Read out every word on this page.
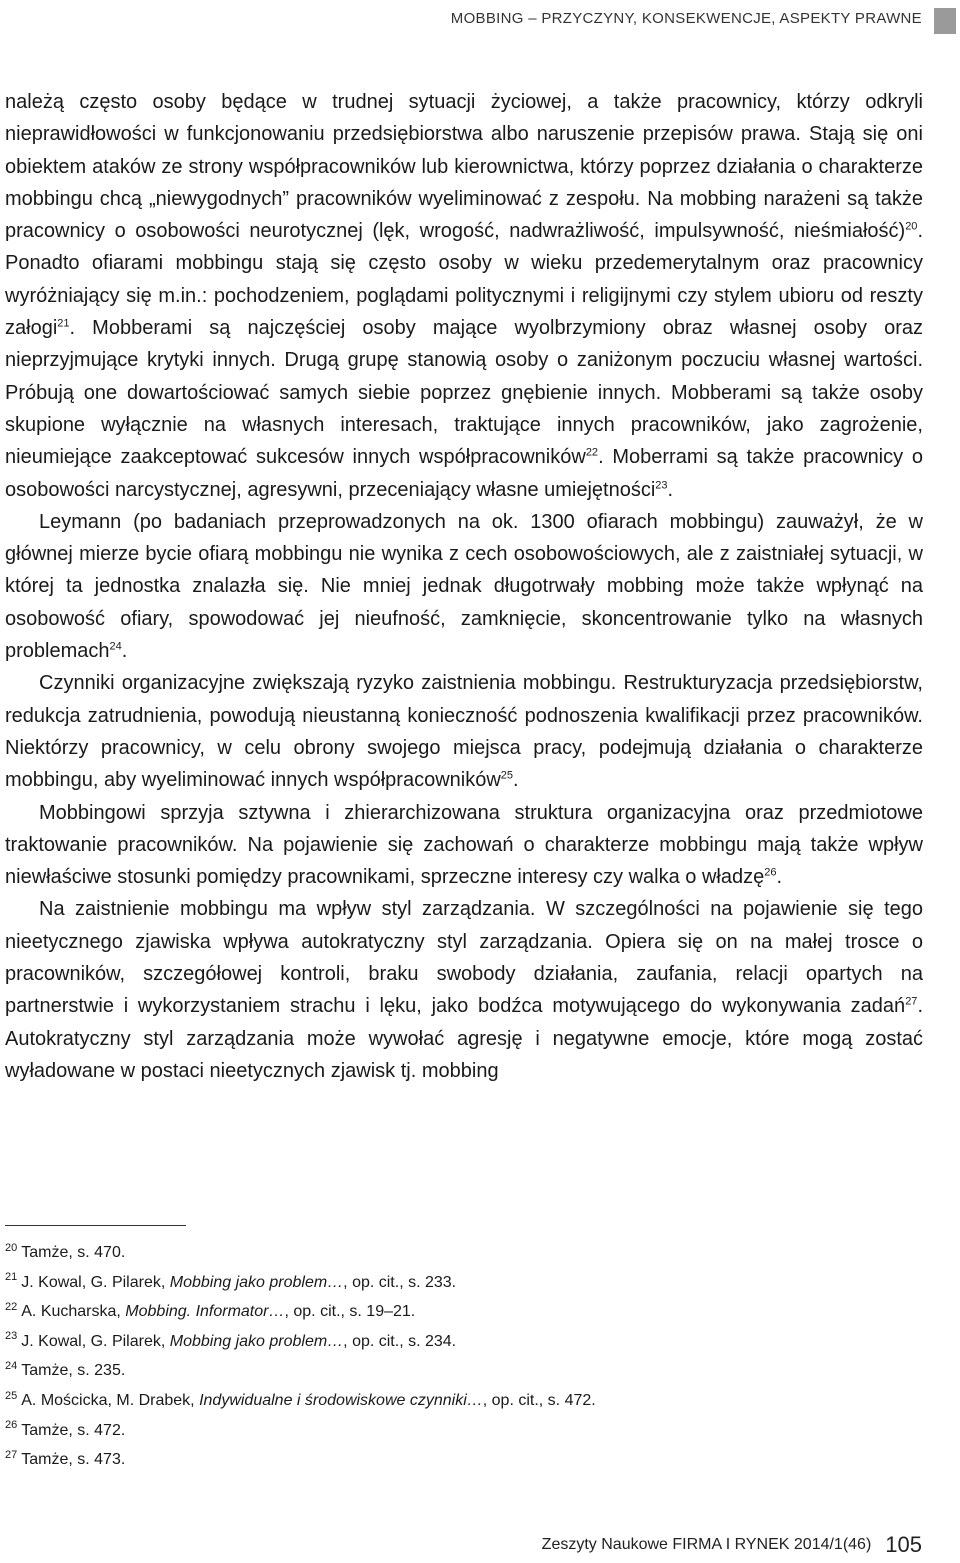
MOBBING – PRZYCZYNY, KONSEKWENCJE, ASPEKTY PRAWNE

należą często osoby będące w trudnej sytuacji życiowej, a także pracownicy, którzy odkryli nieprawidłowości w funkcjonowaniu przedsiębiorstwa albo naruszenie przepisów prawa. Stają się oni obiektem ataków ze strony współpracowników lub kierownictwa, którzy poprzez działania o charakterze mobbingu chcą „niewygodnych” pracowników wyeliminować z zespołu. Na mobbing narażeni są także pracownicy o osobowości neurotycznej (lęk, wrogość, nadwrażliwość, impulsywność, nieśmiałość)$^{20}$. Ponadto ofiarami mobbingu stają się często osoby w wieku przedemerytalnym oraz pracownicy wyróżniający się m.in.: pochodzeniem, poglądami politycznymi i religijnymi czy stylem ubioru od reszty załogi$^{21}$. Mobberami są najczęściej osoby mające wyolbrzymiony obraz własnej osoby oraz nieprzyjmujące krytyki innych. Drugą grupę stanowią osoby o zaniżonym poczuciu własnej wartości. Próbują one dowartościować samych siebie poprzez gnębienie innych. Mobberami są także osoby skupione wyłącznie na własnych interesach, traktujące innych pracowników, jako zagrożenie, nieumiejące zaakceptować sukcesów innych współpracowników$^{22}$. Moberrami są także pracownicy o osobowości narcystycznej, agresywni, przeceniający własne umiejętności$^{23}$.

Leymann (po badaniach przeprowadzonych na ok. 1300 ofiarach mobbingu) zauważył, że w głównej mierze bycie ofiarą mobbingu nie wynika z cech osobowościowych, ale z zaistniałej sytuacji, w której ta jednostka znalazła się. Nie mniej jednak długotrwały mobbing może także wpłynąć na osobowość ofiary, spowodować jej nieufność, zamknięcie, skoncentrowanie tylko na własnych problemach$^{24}$.

Czynniki organizacyjne zwiększają ryzyko zaistnienia mobbingu. Restrukturyzacja przedsiębiorstw, redukcja zatrudnienia, powodują nieustanną konieczność podnoszenia kwalifikacji przez pracowników. Niektórzy pracownicy, w celu obrony swojego miejsca pracy, podejmują działania o charakterze mobbingu, aby wyeliminować innych współpracowników$^{25}$.

Mobbingowi sprzyja sztywna i zhierarchizowana struktura organizacyjna oraz przedmiotowe traktowanie pracowników. Na pojawienie się zachowań o charakterze mobbingu mają także wpływ niewłaściwe stosunki pomiędzy pracownikami, sprzeczne interesy czy walka o władzę$^{26}$.

Na zaistnienie mobbingu ma wpływ styl zarządzania. W szczególności na pojawienie się tego nieetycznego zjawiska wpływa autokratyczny styl zarządzania. Opiera się on na małej trosce o pracowników, szczegółowej kontroli, braku swobody działania, zaufania, relacji opartych na partnerstwie i wykorzystaniem strachu i lęku, jako bodźca motywującego do wykonywania zadań$^{27}$. Autokratyczny styl zarządzania może wywołać agresję i negatywne emocje, które mogą zostać wyładowane w postaci nieetycznych zjawisk tj. mobbing

$^{20}$ Tamże, s. 470.
$^{21}$ J. Kowal, G. Pilarek, Mobbing jako problem…, op. cit., s. 233.
$^{22}$ A. Kucharska, Mobbing. Informator…, op. cit., s. 19–21.
$^{23}$ J. Kowal, G. Pilarek, Mobbing jako problem…, op. cit., s. 234.
$^{24}$ Tamże, s. 235.
$^{25}$ A. Mościcka, M. Drabek, Indywidualne i środowiskowe czynniki…, op. cit., s. 472.
$^{26}$ Tamże, s. 472.
$^{27}$ Tamże, s. 473.
Zeszyty Naukowe FIRMA I RYNEK 2014/1(46) 105
